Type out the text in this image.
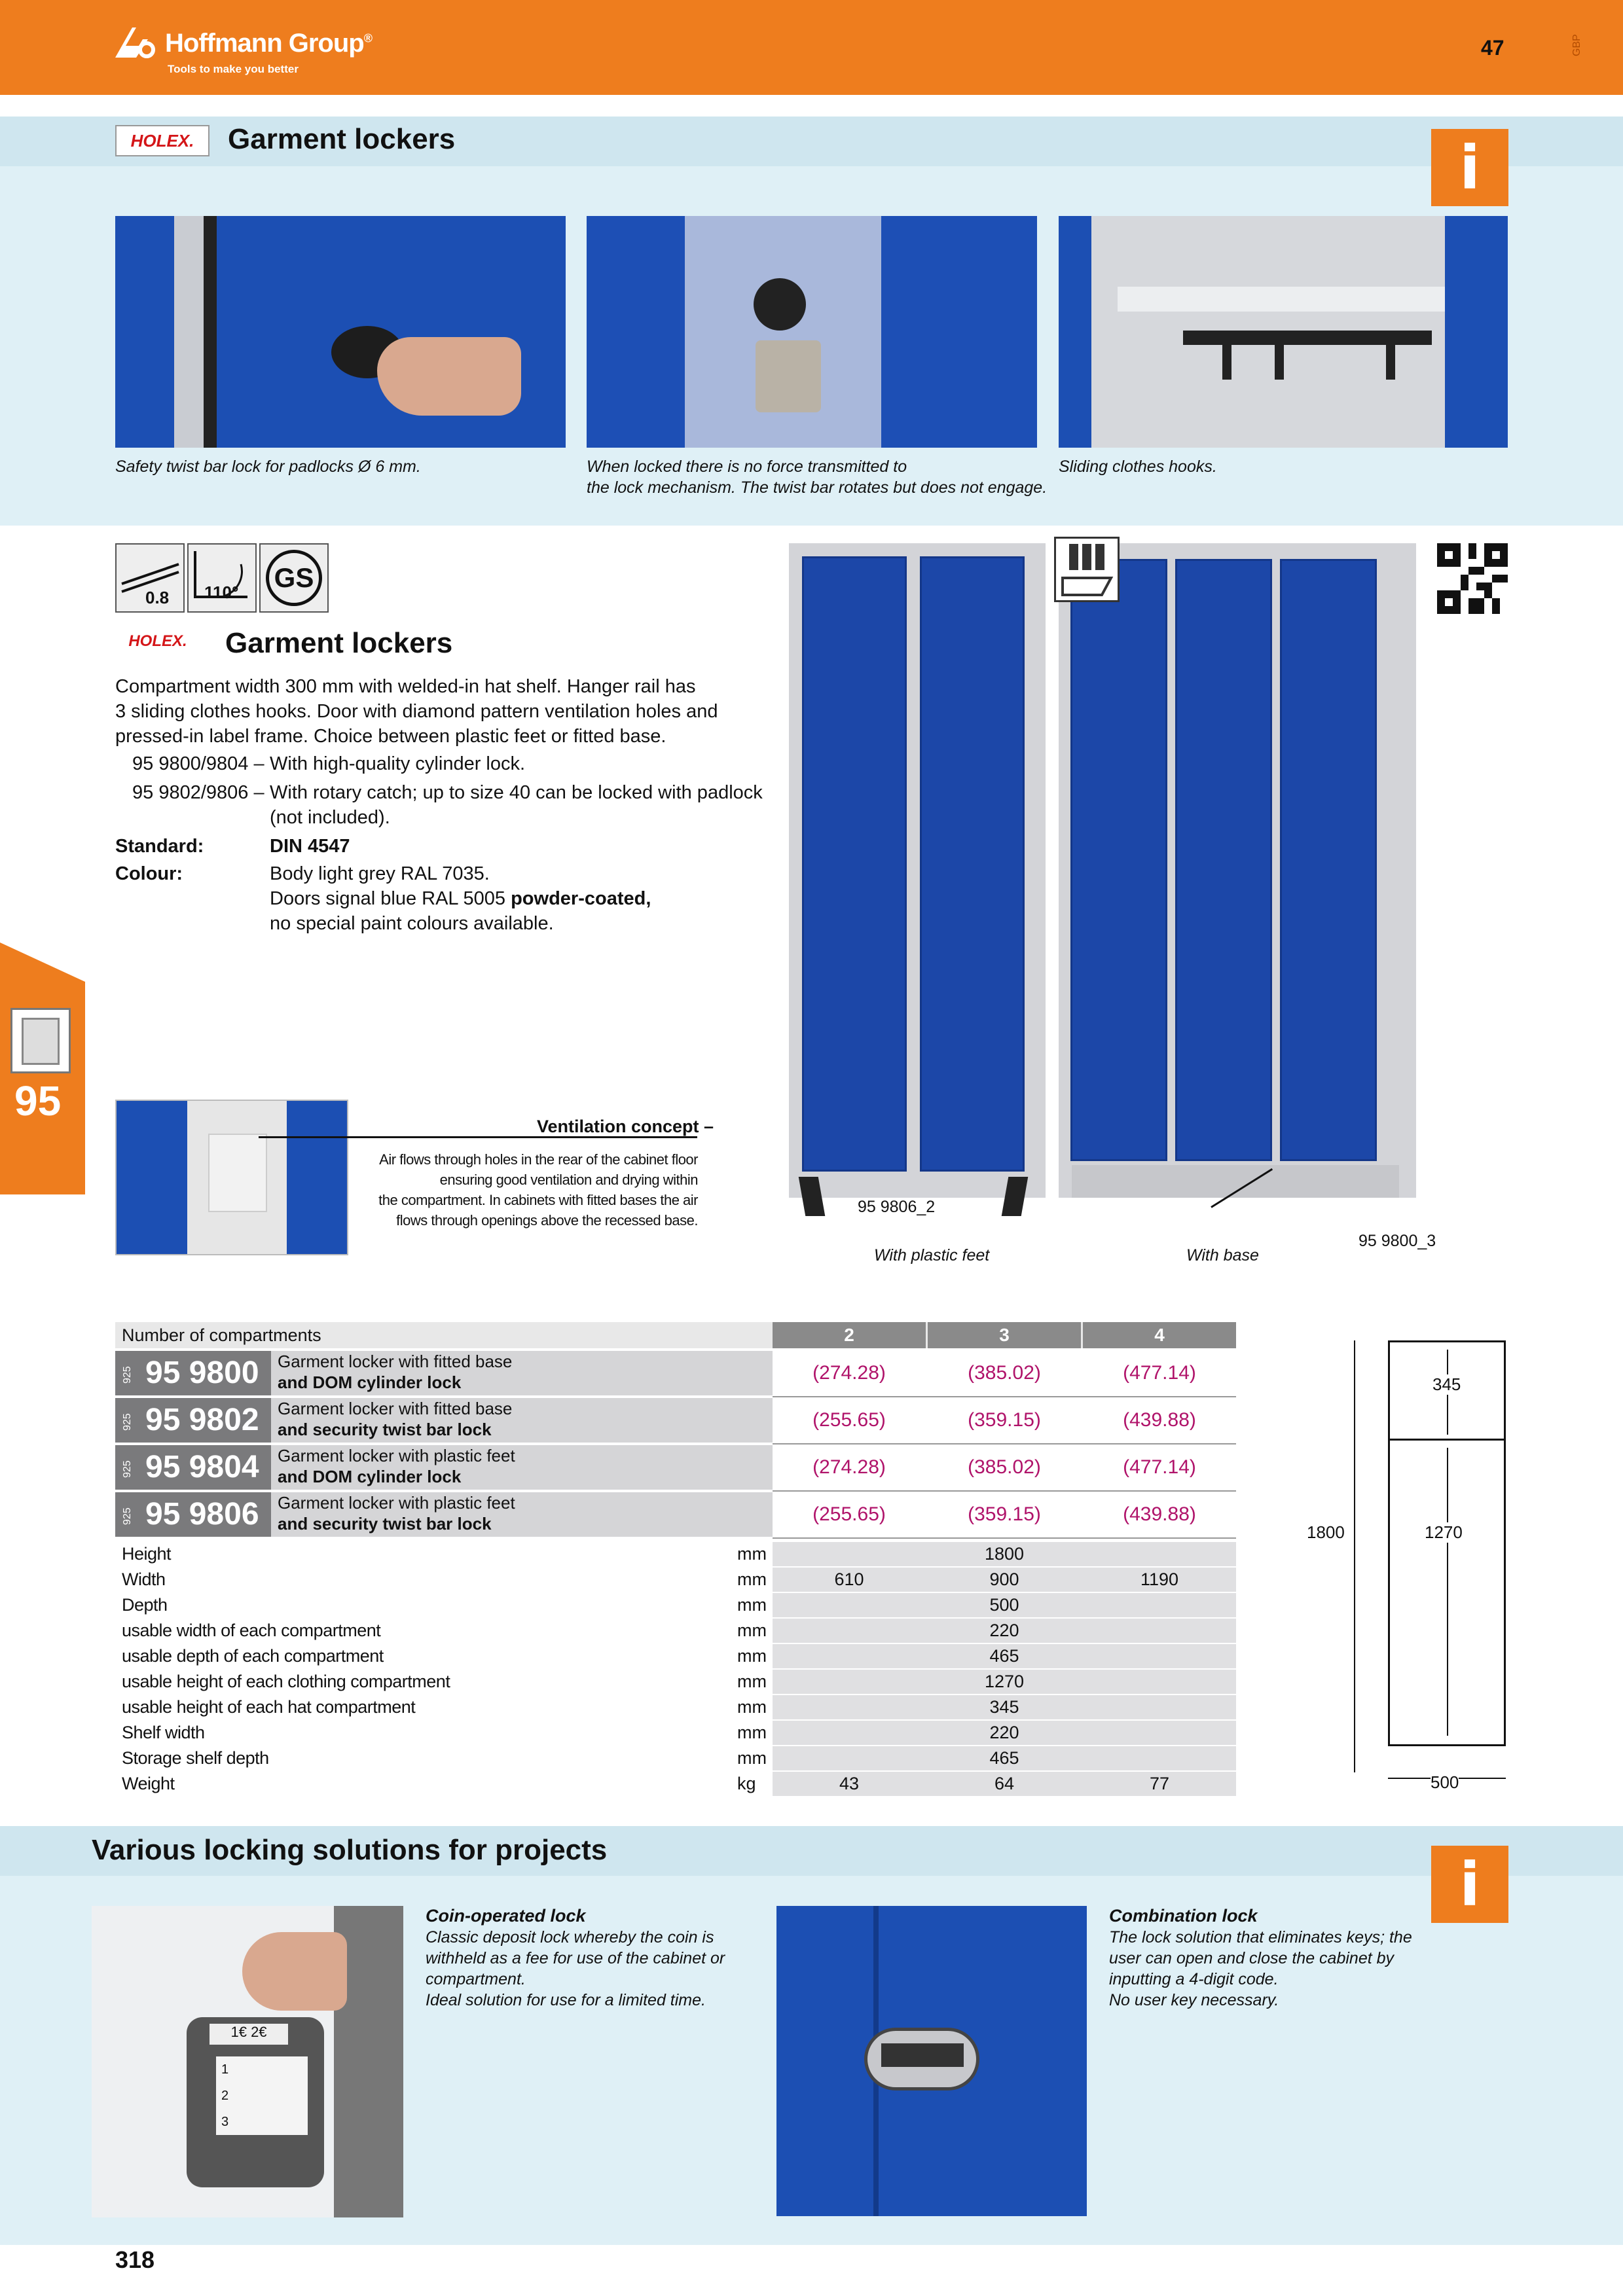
Hoffmann Group®
Tools to make you better
47	GBP
HOLEX.	Garment lockers	i
Safety twist bar lock for padlocks Ø 6 mm.	When locked there is no force transmitted to
the lock mechanism. The twist bar rotates but does not engage.
Sliding clothes hooks.
0.8 110°	GS
HOLEX.	Garment lockers
Compartment width 300 mm with welded-in hat shelf. Hanger rail has
3 sliding clothes hooks. Door with diamond pattern ventilation holes and
pressed-in label frame. Choice between plastic feet or fitted base.
95 9800/9804 – With high-quality cylinder lock.
95 9802/9806 – With rotary catch; up to size 40 can be locked with padlock
(not included).
Standard:	DIN 4547
Colour:	Body light grey RAL 7035.
Doors signal blue RAL 5005 powder-coated,
no special paint colours available.
95
Ventilation concept –
Air flows through holes in the rear of the cabinet floor
ensuring good ventilation and drying within
the compartment. In cabinets with fitted bases the air
flows through openings above the recessed base.
95 9806_2
With plastic feet	With base
95 9800_3
Number of compartments	2	3	4
925 95 9800 Garment locker with fitted base
and DOM cylinder lock	(274.28)	(385.02)	(477.14)
925 95 9802 Garment locker with fitted base
and security twist bar lock	(255.65)	(359.15)	(439.88)
925 95 9804 Garment locker with plastic feet
and DOM cylinder lock	(274.28)	(385.02)	(477.14)
925 95 9806 Garment locker with plastic feet
and security twist bar lock	(255.65)	(359.15)	(439.88)
Height	mm	1800
Width	mm	610	900	1190
Depth	mm	500
usable width of each compartment	mm	220
usable depth of each compartment	mm	465
usable height of each clothing compartment	mm	1270
usable height of each hat compartment	mm	345
Shelf width	mm	220
Storage shelf depth	mm	465
Weight	kg	43	64	77
345
1800	1270
500
Various locking solutions for projects	i
1€ 2€
1
2
3
Coin-operated lock
Classic deposit lock whereby the coin is
withheld as a fee for use of the cabinet or
compartment.
Ideal solution for use for a limited time.
Combination lock
The lock solution that eliminates keys; the
user can open and close the cabinet by
inputting a 4-digit code.
No user key necessary.
318
